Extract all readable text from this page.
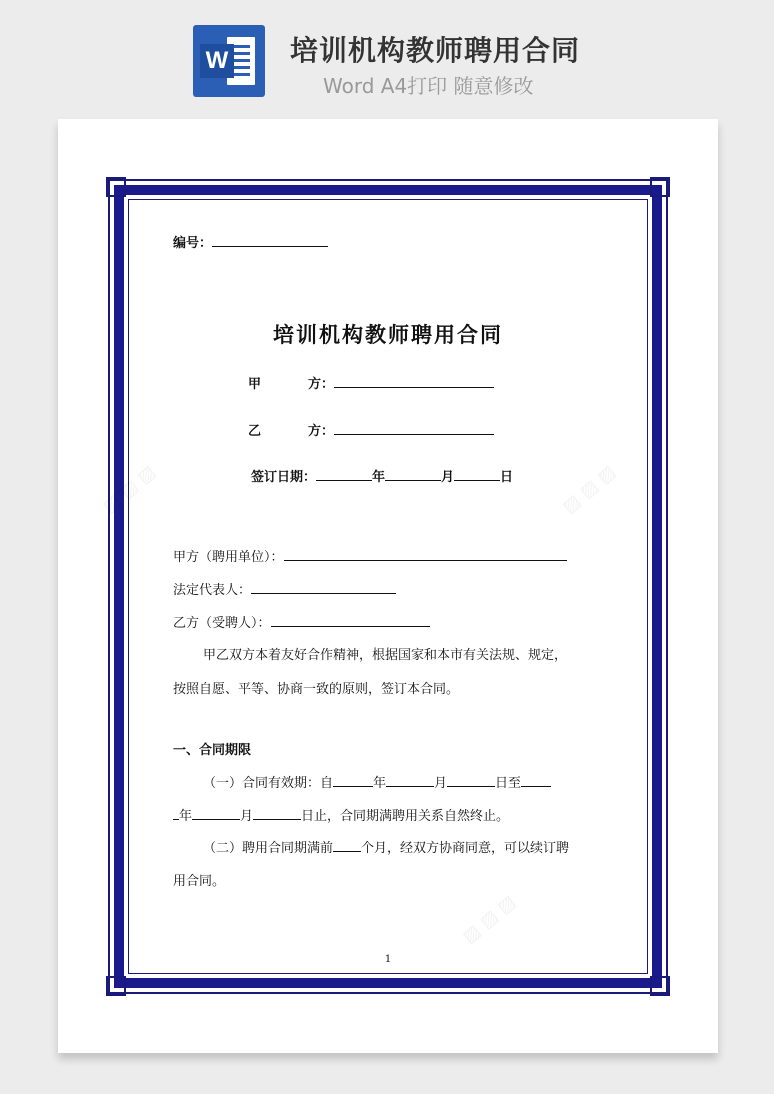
W 培训机构教师聘用合同
Word A4打印 随意修改
▨ ▨ ▨	▨ ▨ ▨
▨ ▨ ▨
编号：
培训机构教师聘用合同
甲	方：
乙	方：
签订日期：	年	月	日
甲方（聘用单位）：
法定代表人：
乙方（受聘人）：
甲乙双方本着友好合作精神，根据国家和本市有关法规、规定，
按照自愿、平等、协商一致的原则，签订本合同。
一、合同期限
（一）合同有效期：自	年	月	日至
年	月	日止，合同期满聘用关系自然终止。
（二）聘用合同期满前 个月，经双方协商同意，可以续订聘
用合同。
1
